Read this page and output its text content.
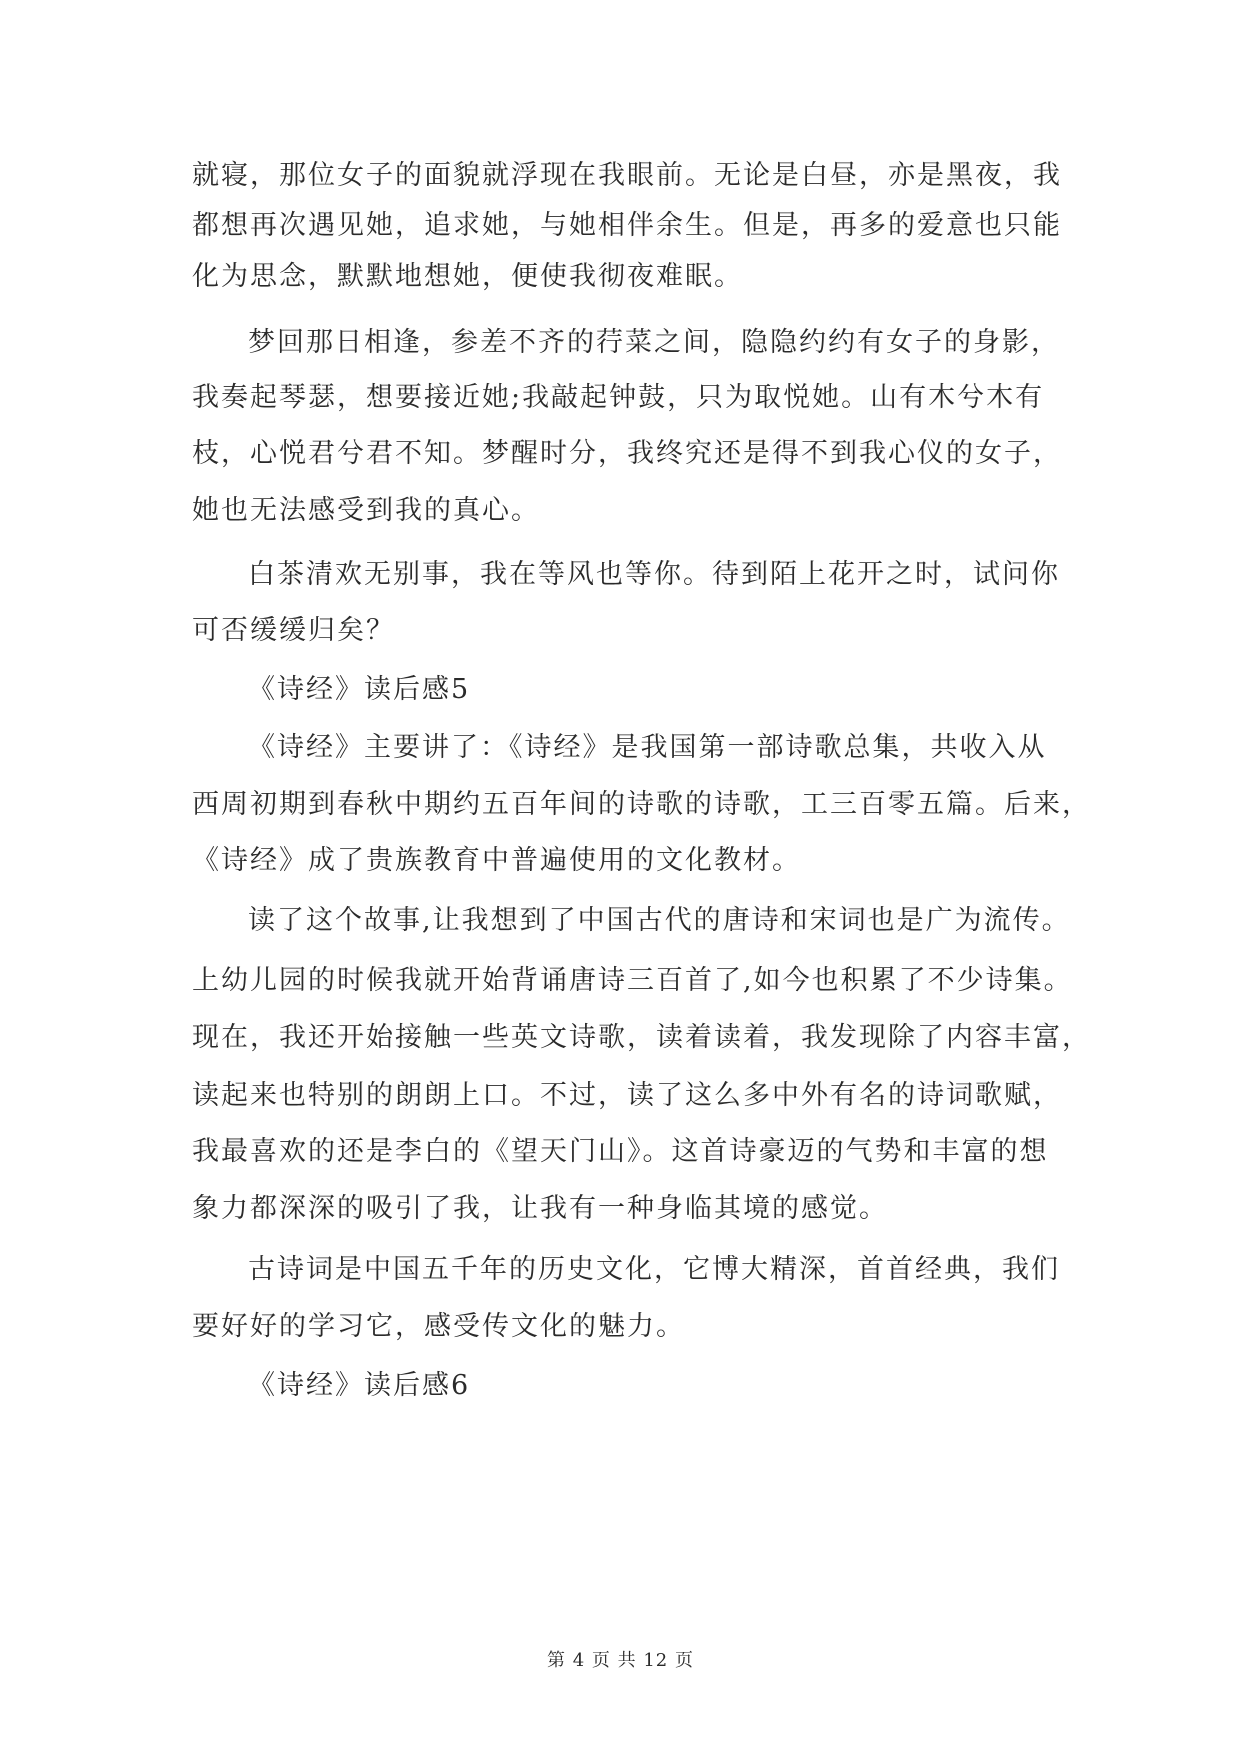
就寝，那位女子的面貌就浮现在我眼前。无论是白昼，亦是黑夜，我
都想再次遇见她，追求她，与她相伴余生。但是，再多的爱意也只能
化为思念，默默地想她，便使我彻夜难眠。
梦回那日相逢，参差不齐的荇菜之间，隐隐约约有女子的身影，
我奏起琴瑟，想要接近她;我敲起钟鼓，只为取悦她。山有木兮木有
枝，心悦君兮君不知。梦醒时分，我终究还是得不到我心仪的女子，
她也无法感受到我的真心。
白茶清欢无别事，我在等风也等你。待到陌上花开之时，试问你
可否缓缓归矣？
《诗经》读后感5
《诗经》主要讲了：《诗经》是我国第一部诗歌总集，共收入从
西周初期到春秋中期约五百年间的诗歌的诗歌，工三百零五篇。后来，
《诗经》成了贵族教育中普遍使用的文化教材。
读了这个故事,让我想到了中国古代的唐诗和宋词也是广为流传。
上幼儿园的时候我就开始背诵唐诗三百首了,如今也积累了不少诗集。
现在，我还开始接触一些英文诗歌，读着读着，我发现除了内容丰富，
读起来也特别的朗朗上口。不过，读了这么多中外有名的诗词歌赋，
我最喜欢的还是李白的《望天门山》。这首诗豪迈的气势和丰富的想
象力都深深的吸引了我，让我有一种身临其境的感觉。
古诗词是中国五千年的历史文化，它博大精深，首首经典，我们
要好好的学习它，感受传文化的魅力。
《诗经》读后感6
第 4 页 共 12 页
